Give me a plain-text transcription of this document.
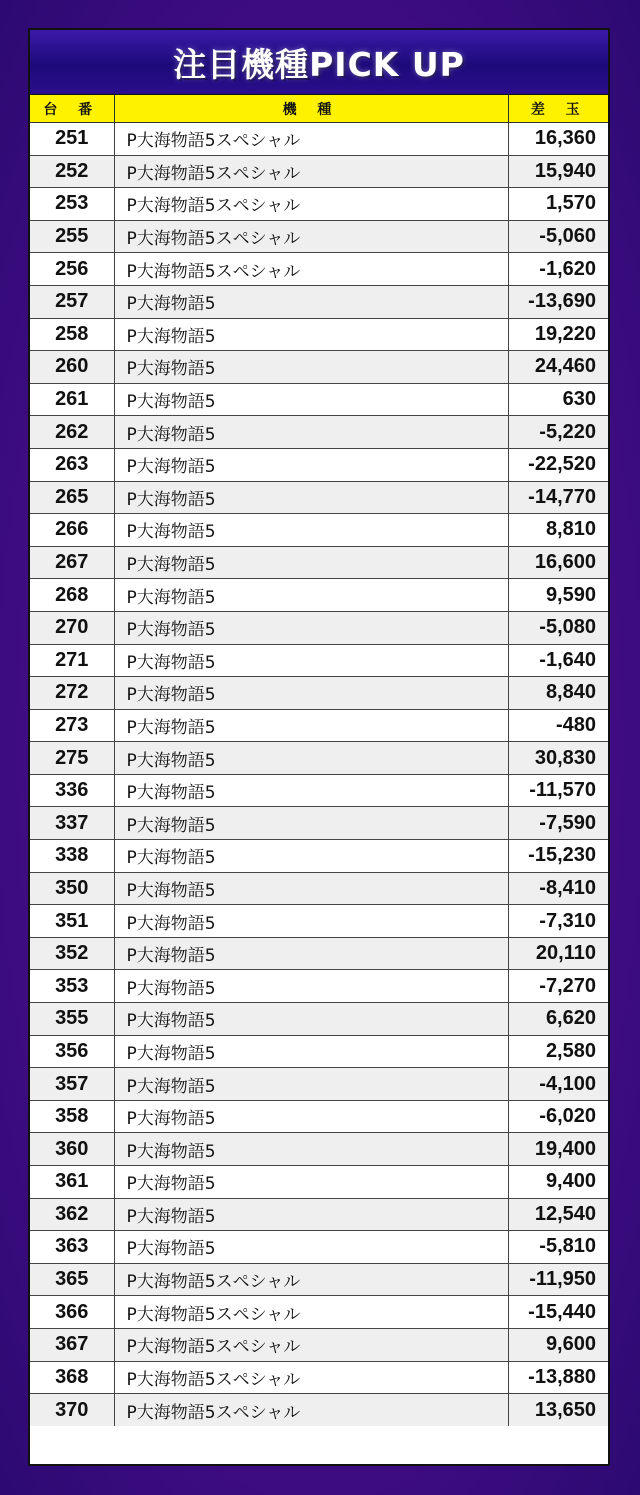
注目機種PICK UP
台 番	機 種	差 玉
251	P大海物語5スペシャル	16,360
252	P大海物語5スペシャル	15,940
253	P大海物語5スペシャル	1,570
255	P大海物語5スペシャル	-5,060
256	P大海物語5スペシャル	-1,620
257	P大海物語5	-13,690
258	P大海物語5	19,220
260	P大海物語5	24,460
261	P大海物語5	630
262	P大海物語5	-5,220
263	P大海物語5	-22,520
265	P大海物語5	-14,770
266	P大海物語5	8,810
267	P大海物語5	16,600
268	P大海物語5	9,590
270	P大海物語5	-5,080
271	P大海物語5	-1,640
272	P大海物語5	8,840
273	P大海物語5	-480
275	P大海物語5	30,830
336	P大海物語5	-11,570
337	P大海物語5	-7,590
338	P大海物語5	-15,230
350	P大海物語5	-8,410
351	P大海物語5	-7,310
352	P大海物語5	20,110
353	P大海物語5	-7,270
355	P大海物語5	6,620
356	P大海物語5	2,580
357	P大海物語5	-4,100
358	P大海物語5	-6,020
360	P大海物語5	19,400
361	P大海物語5	9,400
362	P大海物語5	12,540
363	P大海物語5	-5,810
365	P大海物語5スペシャル	-11,950
366	P大海物語5スペシャル	-15,440
367	P大海物語5スペシャル	9,600
368	P大海物語5スペシャル	-13,880
370	P大海物語5スペシャル	13,650
